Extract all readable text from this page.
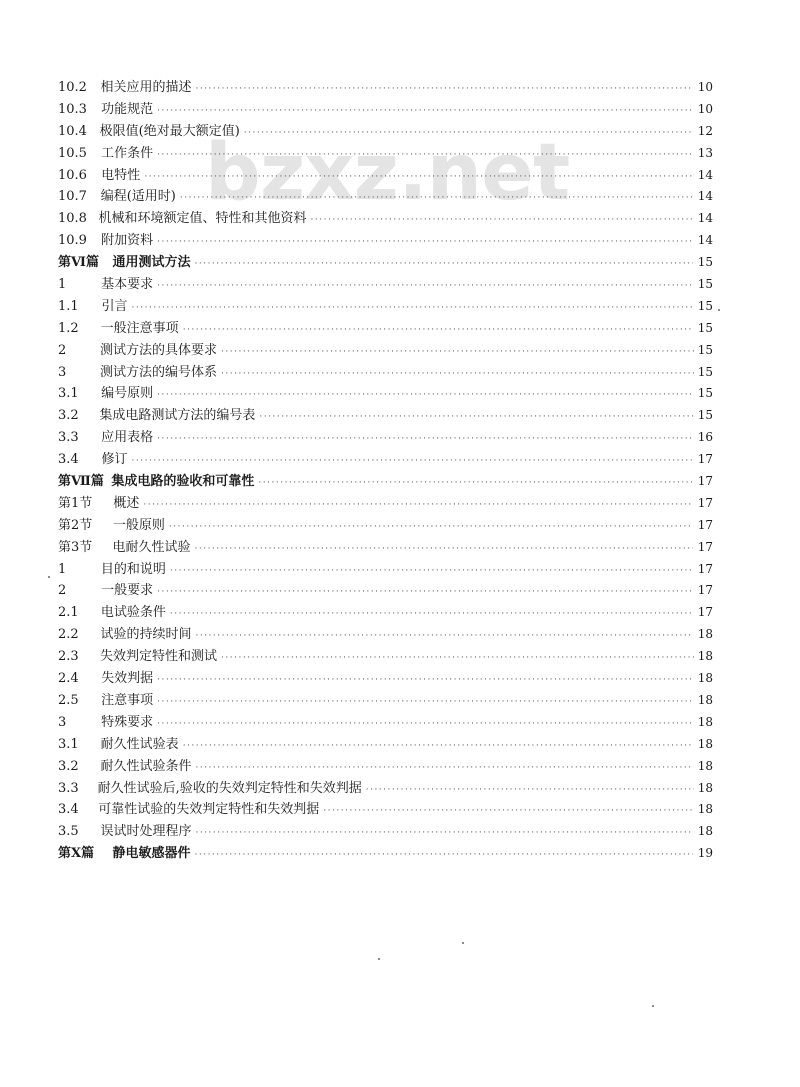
bzxz.net
10.2	相关应用的描述 ·····	10
10.3	功能规范 ·····	10
10.4 极限值(绝对最大额定值) ·····	12
10.5	工作条件 ·····	13
10.6	电特性 ·····	14
10.7	编程(适用时) ·····	14
10.8 机械和环境额定值、特性和其他资料 ·····	14
10.9	附加资料 ·····	14
第Ⅵ篇	通用测试方法 ·····	15
1	基本要求 ·····	15
1.1	引言 ·····	15
1.2	一般注意事项 ·····	15
2	测试方法的具体要求 ·····	15
3	测试方法的编号体系 ·····	15
3.1	编号原则 ·····	15
3.2	集成电路测试方法的编号表 ·····	15
3.3	应用表格 ·····	16
3.4	修订 ·····	17
第Ⅶ篇 集成电路的验收和可靠性 ·····	17
第1节	概述 ·····	17
第2节	一般原则 ·····	17
第3节	电耐久性试验 ·····	17
1	目的和说明 ·····	17
2	一般要求 ·····	17
2.1	电试验条件 ·····	17
2.2	试验的持续时间 ·····	18
2.3	失效判定特性和测试 ·····	18
2.4	失效判据 ·····	18
2.5	注意事项 ·····	18
3	特殊要求 ·····	18
3.1	耐久性试验表 ·····	18
3.2	耐久性试验条件 ·····	18
3.3	耐久性试验后,验收的失效判定特性和失效判据 ·····	18
3.4	可靠性试验的失效判定特性和失效判据 ·····	18
3.5	误试时处理程序 ·····	18
第Ⅹ篇	静电敏感器件 ·····	19
